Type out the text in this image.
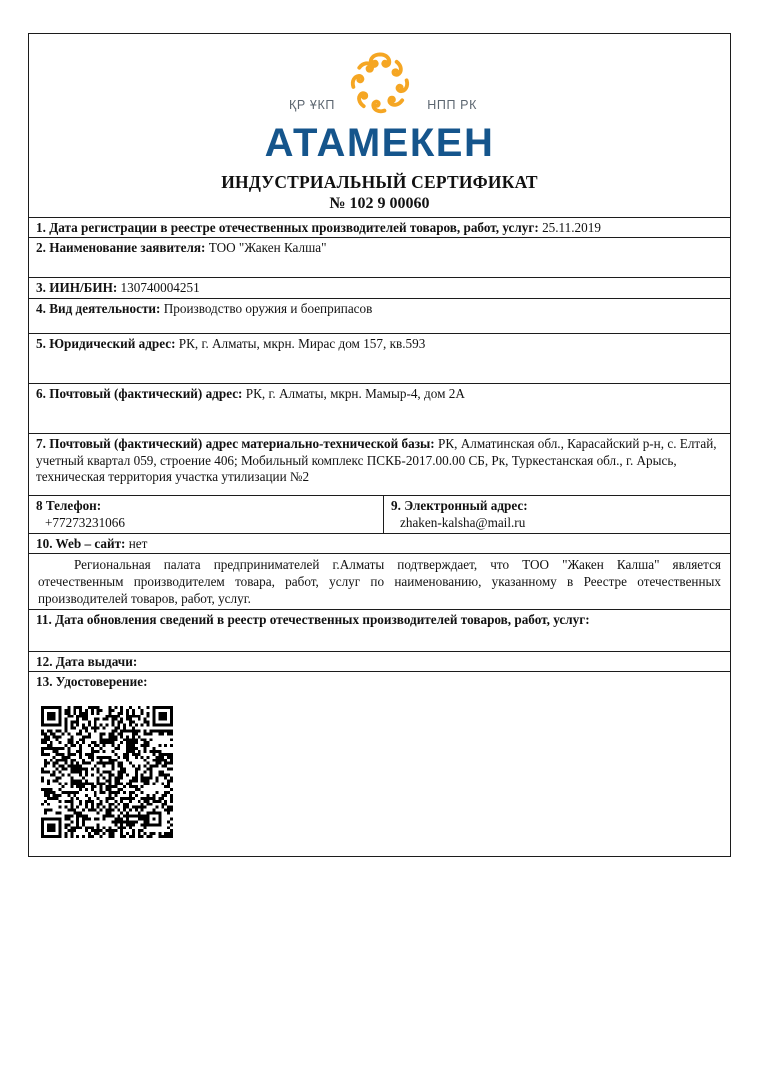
ҚР ҰКП	НПП РК
АТАМЕКЕН
ИНДУСТРИАЛЬНЫЙ СЕРТИФИКАТ
№ 102 9 00060
1. Дата регистрации в реестре отечественных производителей товаров, работ, услуг: 25.11.2019
2. Наименование заявителя: ТОО "Жакен Калша"
3. ИИН/БИН: 130740004251
4. Вид деятельности: Производство оружия и боеприпасов
5. Юридический адрес: РК, г. Алматы, мкрн. Мирас дом 157, кв.593
6. Почтовый (фактический) адрес: РК, г. Алматы, мкрн. Мамыр-4, дом 2А
7. Почтовый (фактический) адрес материально-технической базы: РК, Алматинская обл., Карасайский р-н, с. Елтай, учетный квартал 059, строение 406; Мобильный комплекс ПСКБ-2017.00.00 СБ, Рк, Туркестанская обл., г. Арысь, техническая территория участка утилизации №2
8 Телефон:
+77273231066
9. Электронный адрес:
zhaken-kalsha@mail.ru
10. Web – сайт: нет
Региональная палата предпринимателей г.Алматы подтверждает, что ТОО "Жакен Калша" является отечественным производителем товара, работ, услуг по наименованию, указанному в Реестре отечественных производителей товаров, работ, услуг.
11. Дата обновления сведений в реестр отечественных производителей товаров, работ, услуг:
12. Дата выдачи:
13. Удостоверение:
